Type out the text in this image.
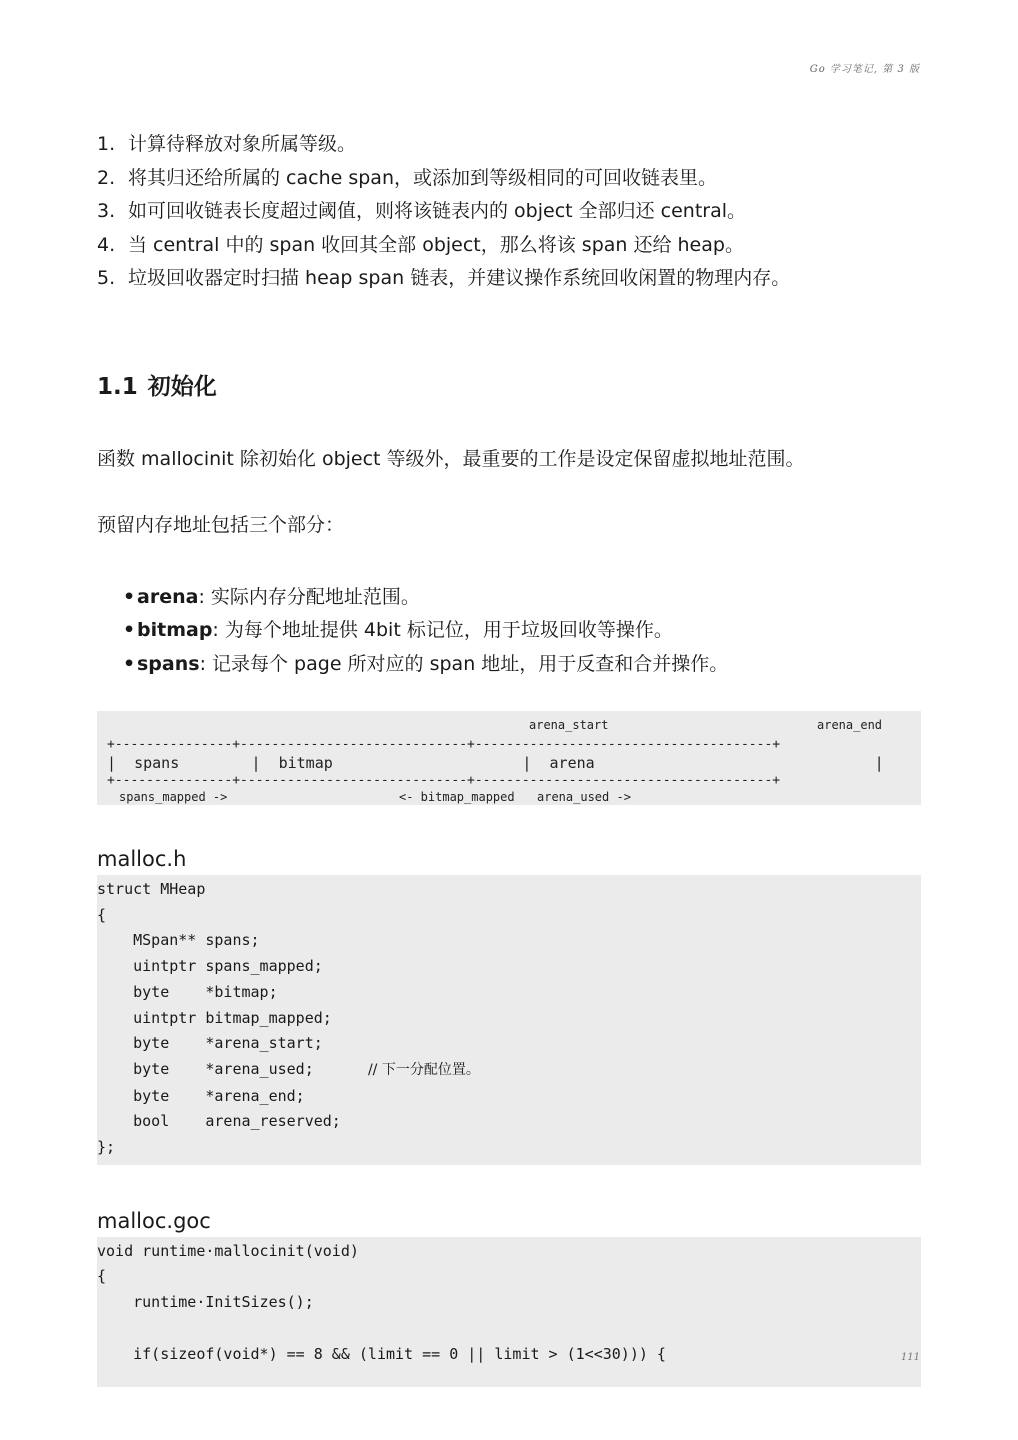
Go 学习笔记, 第 3 版
1. 计算待释放对象所属等级。
2. 将其归还给所属的 cache span，或添加到等级相同的可回收链表里。
3. 如可回收链表长度超过阈值，则将该链表内的 object 全部归还 central。
4. 当 central 中的 span 收回其全部 object，那么将该 span 还给 heap。
5. 垃圾回收器定时扫描 heap span 链表，并建议操作系统回收闲置的物理内存。
1.1 初始化

函数 mallocinit 除初始化 object 等级外，最重要的工作是设定保留虚拟地址范围。

预留内存地址包括三个部分：

•arena: 实际内存分配地址范围。
•bitmap: 为每个地址提供 4bit 标记位，用于垃圾回收等操作。
•spans: 记录每个 page 所对应的 span 地址，用于反查和合并操作。
arena_start	arena_end
+---------------+-----------------------------+--------------------------------------+
|  spans        |  bitmap                     |  arena                               |
+---------------+-----------------------------+--------------------------------------+
spans_mapped ->	<- bitmap_mapped arena_used ->
malloc.h
struct MHeap
{
MSpan** spans;
uintptr spans_mapped;
byte    *bitmap;
uintptr bitmap_mapped;
byte    *arena_start;
byte    *arena_used;      // 下一分配位置。
byte    *arena_end;
bool    arena_reserved;
};
malloc.goc
void runtime·mallocinit(void)
{
runtime·InitSizes();
if(sizeof(void*) == 8 && (limit == 0 || limit > (1<<30))) {	111
